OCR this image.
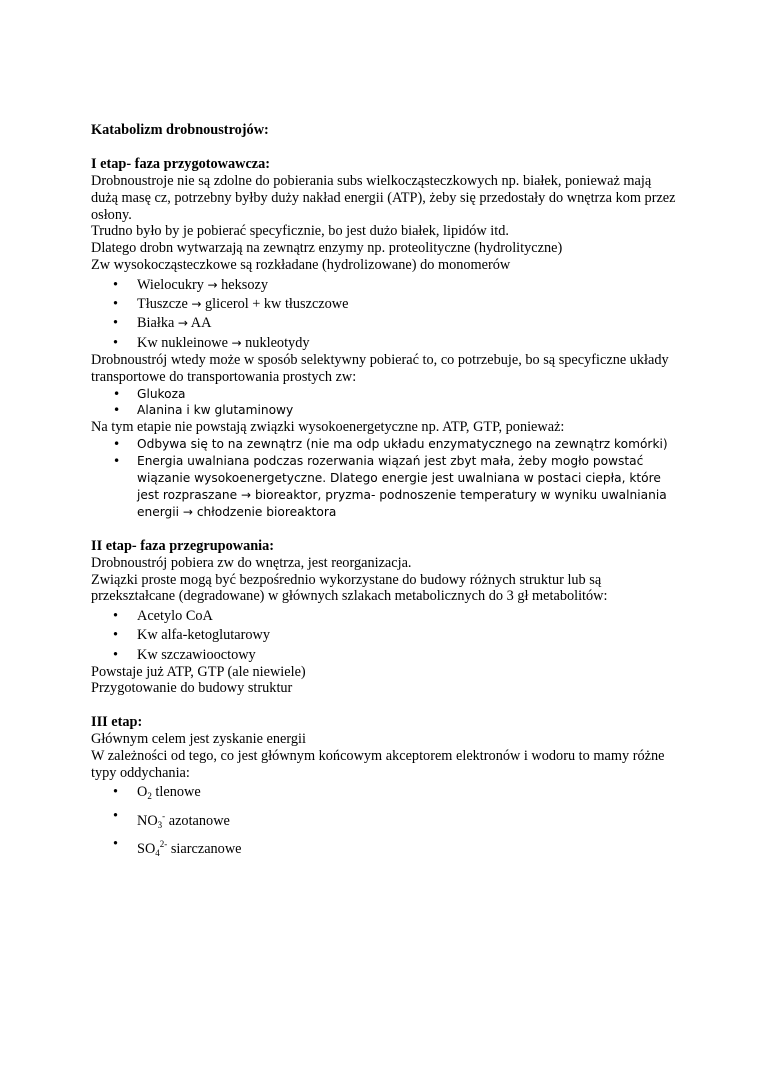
Katabolizm drobnoustrojów:
I etap- faza przygotowawcza:
Drobnoustroje nie są zdolne do pobierania subs wielkocząsteczkowych np. białek, ponieważ mają dużą masę cz, potrzebny byłby duży nakład energii (ATP), żeby się przedostały do wnętrza kom przez osłony.
Trudno było by je pobierać specyficznie, bo jest dużo białek, lipidów itd.
Dlatego drobn wytwarzają na zewnątrz enzymy np. proteolityczne (hydrolityczne)
Zw wysokocząsteczkowe są rozkładane (hydrolizowane) do monomerów
• Wielocukry → heksozy
• Tłuszcze → glicerol + kw tłuszczowe
• Białka → AA
• Kw nukleinowe → nukleotydy
Drobnoustrój wtedy może w sposób selektywny pobierać to, co potrzebuje, bo są specyficzne układy transportowe do transportowania prostych zw:
• Glukoza
• Alanina i kw glutaminowy
Na tym etapie nie powstają związki wysokoenergetyczne np. ATP, GTP, ponieważ:
• Odbywa się to na zewnątrz (nie ma odp układu enzymatycznego na zewnątrz komórki)
• Energia uwalniana podczas rozerwania wiązań jest zbyt mała, żeby mogło powstać wiązanie wysokoenergetyczne. Dlatego energie jest uwalniana w postaci ciepła, które jest rozpraszane → bioreaktor, pryzma- podnoszenie temperatury w wyniku uwalniania energii → chłodzenie bioreaktora
II etap- faza przegrupowania:
Drobnoustrój pobiera zw do wnętrza, jest reorganizacja.
Związki proste mogą być bezpośrednio wykorzystane do budowy różnych struktur lub są przekształcane (degradowane) w głównych szlakach metabolicznych do 3 gł metabolitów:
• Acetylo CoA
• Kw alfa-ketoglutarowy
• Kw szczawiooctowy
Powstaje już ATP, GTP (ale niewiele)
Przygotowanie do budowy struktur
III etap:
Głównym celem jest zyskanie energii
W zależności od tego, co jest głównym końcowym akceptorem elektronów i wodoru to mamy różne typy oddychania:
• $O_2$ tlenowe
• $NO_3^-$ azotanowe
• $SO_4^{2-}$ siarczanowe
